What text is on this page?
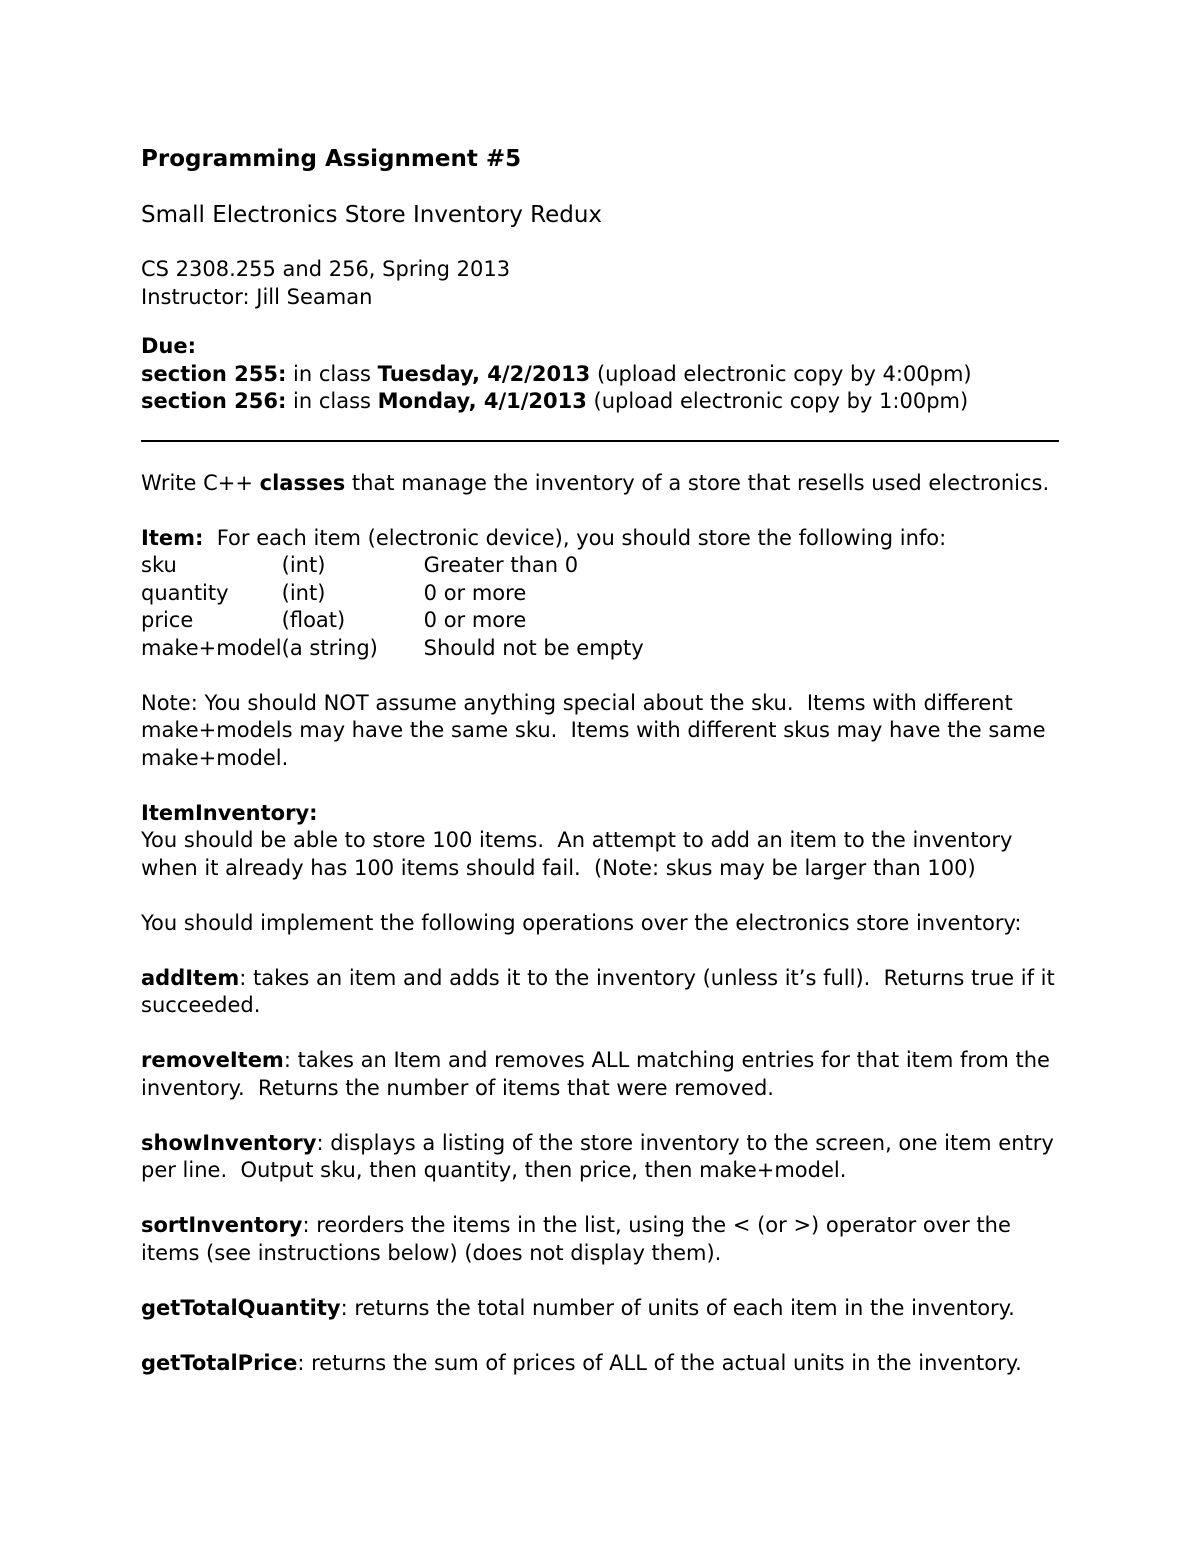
Programming Assignment #5
Small Electronics Store Inventory Redux
CS 2308.255 and 256, Spring 2013
Instructor: Jill Seaman
Due:
section 255: in class Tuesday, 4/2/2013 (upload electronic copy by 4:00pm)
section 256: in class Monday, 4/1/2013 (upload electronic copy by 1:00pm)
Write C++ classes that manage the inventory of a store that resells used electronics.
Item:  For each item (electronic device), you should store the following info:
sku	(int)	Greater than 0
quantity	(int)	0 or more
price	(float)	0 or more
make+model	(a string)	Should not be empty
Note: You should NOT assume anything special about the sku.  Items with different
make+models may have the same sku.  Items with different skus may have the same
make+model.
ItemInventory:
You should be able to store 100 items.  An attempt to add an item to the inventory
when it already has 100 items should fail.  (Note: skus may be larger than 100)
You should implement the following operations over the electronics store inventory:
addItem: takes an item and adds it to the inventory (unless it’s full).  Returns true if it
succeeded.
removeItem: takes an Item and removes ALL matching entries for that item from the
inventory.  Returns the number of items that were removed.
showInventory: displays a listing of the store inventory to the screen, one item entry
per line.  Output sku, then quantity, then price, then make+model.
sortInventory: reorders the items in the list, using the < (or >) operator over the
items (see instructions below) (does not display them).
getTotalQuantity: returns the total number of units of each item in the inventory.
getTotalPrice: returns the sum of prices of ALL of the actual units in the inventory.
